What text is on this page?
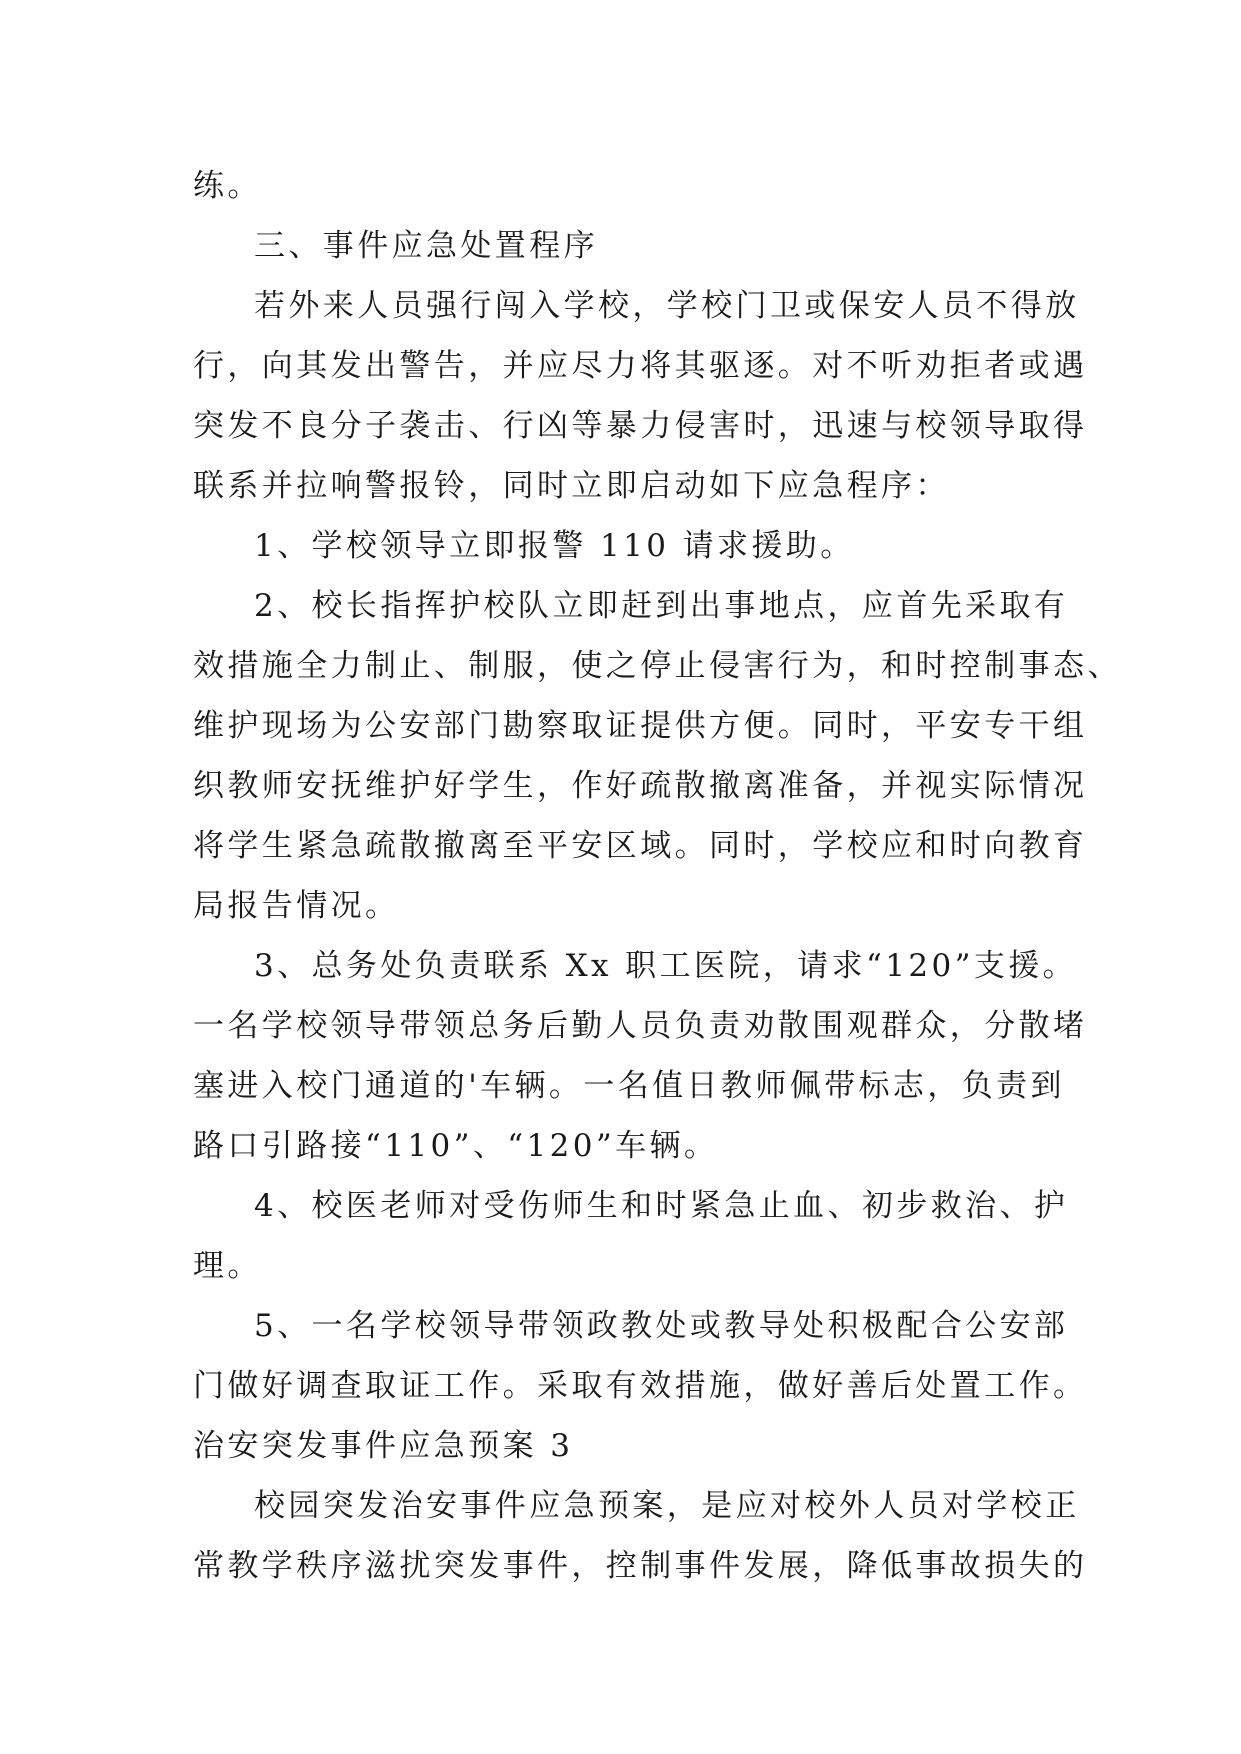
练。
三、事件应急处置程序
若外来人员强行闯入学校，学校门卫或保安人员不得放
行，向其发出警告，并应尽力将其驱逐。对不听劝拒者或遇
突发不良分子袭击、行凶等暴力侵害时，迅速与校领导取得
联系并拉响警报铃，同时立即启动如下应急程序：
1、学校领导立即报警 110 请求援助。
2、校长指挥护校队立即赶到出事地点，应首先采取有
效措施全力制止、制服，使之停止侵害行为，和时控制事态、
维护现场为公安部门勘察取证提供方便。同时，平安专干组
织教师安抚维护好学生，作好疏散撤离准备，并视实际情况
将学生紧急疏散撤离至平安区域。同时，学校应和时向教育
局报告情况。
3、总务处负责联系 Xx 职工医院，请求“120”支援。
一名学校领导带领总务后勤人员负责劝散围观群众，分散堵
塞进入校门通道的'车辆。一名值日教师佩带标志，负责到
路口引路接“110”、“120”车辆。
4、校医老师对受伤师生和时紧急止血、初步救治、护
理。
5、一名学校领导带领政教处或教导处积极配合公安部
门做好调查取证工作。采取有效措施，做好善后处置工作。
治安突发事件应急预案 3
校园突发治安事件应急预案，是应对校外人员对学校正
常教学秩序滋扰突发事件，控制事件发展，降低事故损失的
